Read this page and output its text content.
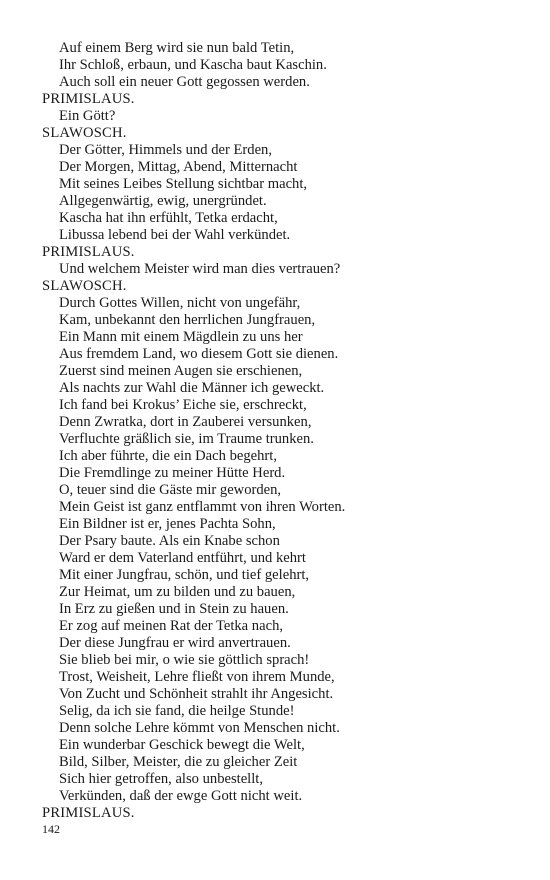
Auf einem Berg wird sie nun bald Tetin,
Ihr Schloß, erbaun, und Kascha baut Kaschin.
Auch soll ein neuer Gott gegossen werden.
PRIMISLAUS.
Ein Gött?
SLAWOSCH.
Der Götter, Himmels und der Erden,
Der Morgen, Mittag, Abend, Mitternacht
Mit seines Leibes Stellung sichtbar macht,
Allgegenwärtig, ewig, unergründet.
Kascha hat ihn erfühlt, Tetka erdacht,
Libussa lebend bei der Wahl verkündet.
PRIMISLAUS.
Und welchem Meister wird man dies vertrauen?
SLAWOSCH.
Durch Gottes Willen, nicht von ungefähr,
Kam, unbekannt den herrlichen Jungfrauen,
Ein Mann mit einem Mägdlein zu uns her
Aus fremdem Land, wo diesem Gott sie dienen.
Zuerst sind meinen Augen sie erschienen,
Als nachts zur Wahl die Männer ich geweckt.
Ich fand bei Krokus’ Eiche sie, erschreckt,
Denn Zwratka, dort in Zauberei versunken,
Verfluchte gräßlich sie, im Traume trunken.
Ich aber führte, die ein Dach begehrt,
Die Fremdlinge zu meiner Hütte Herd.
O, teuer sind die Gäste mir geworden,
Mein Geist ist ganz entflammt von ihren Worten.
Ein Bildner ist er, jenes Pachta Sohn,
Der Psary baute. Als ein Knabe schon
Ward er dem Vaterland entführt, und kehrt
Mit einer Jungfrau, schön, und tief gelehrt,
Zur Heimat, um zu bilden und zu bauen,
In Erz zu gießen und in Stein zu hauen.
Er zog auf meinen Rat der Tetka nach,
Der diese Jungfrau er wird anvertrauen.
Sie blieb bei mir, o wie sie göttlich sprach!
Trost, Weisheit, Lehre fließt von ihrem Munde,
Von Zucht und Schönheit strahlt ihr Angesicht.
Selig, da ich sie fand, die heilge Stunde!
Denn solche Lehre kömmt von Menschen nicht.
Ein wunderbar Geschick bewegt die Welt,
Bild, Silber, Meister, die zu gleicher Zeit
Sich hier getroffen, also unbestellt,
Verkünden, daß der ewge Gott nicht weit.
PRIMISLAUS.
142
